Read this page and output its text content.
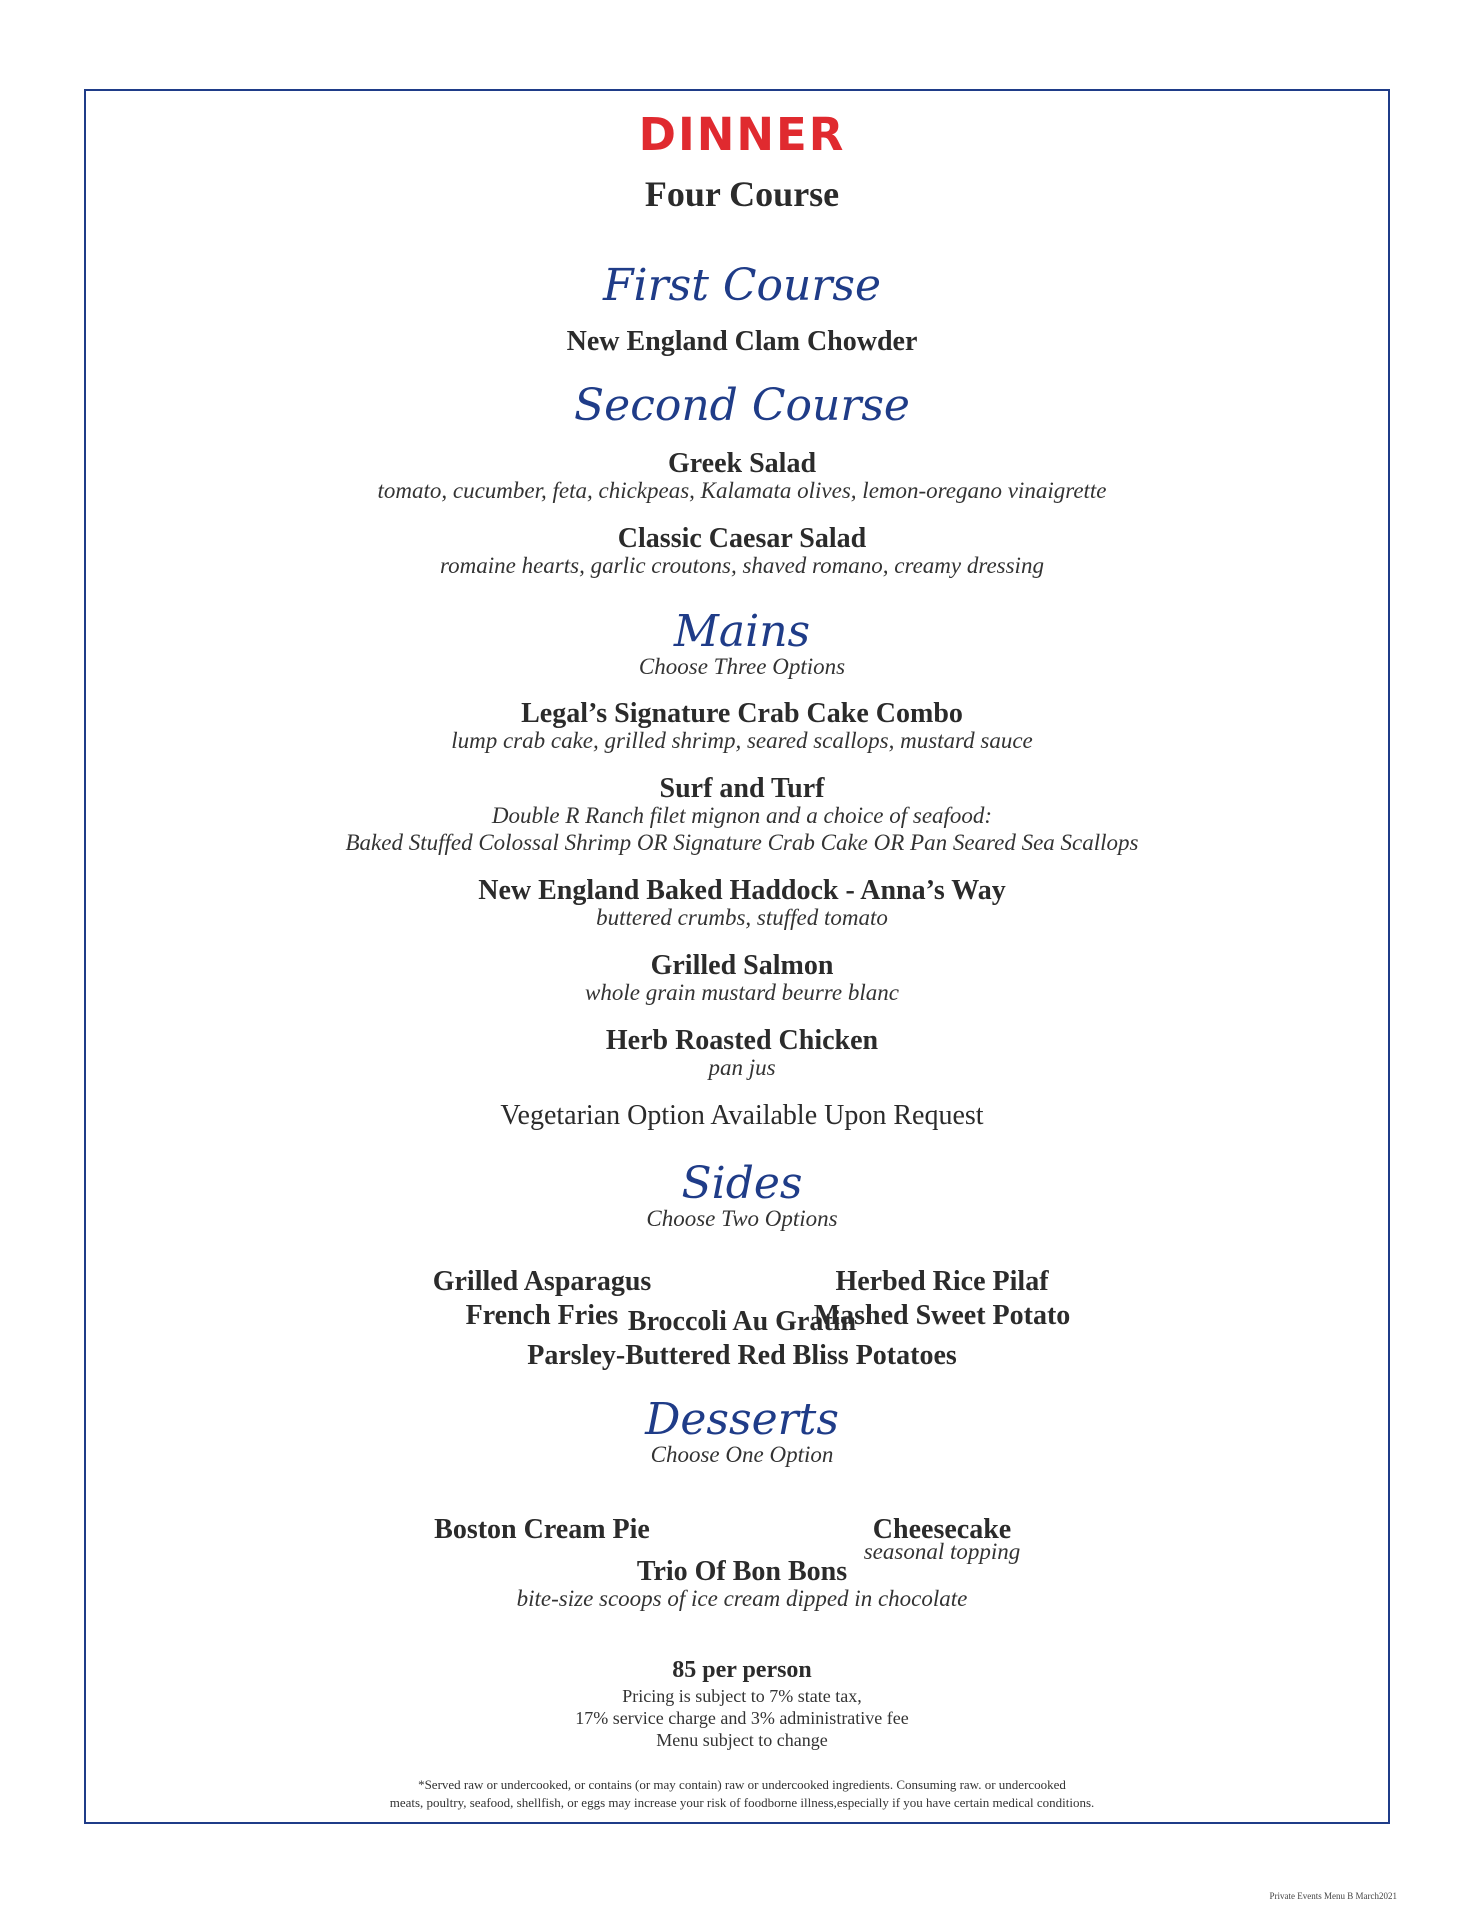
DINNER

Four Course

First Course

New England Clam Chowder

Second Course

Greek Salad

tomato, cucumber, feta, chickpeas, Kalamata olives, lemon-oregano vinaigrette

Classic Caesar Salad

romaine hearts, garlic croutons, shaved romano, creamy dressing

Mains

Choose Three Options

Legal’s Signature Crab Cake Combo

lump crab cake, grilled shrimp, seared scallops, mustard sauce

Surf and Turf

Double R Ranch filet mignon and a choice of seafood:

Baked Stuffed Colossal Shrimp OR Signature Crab Cake OR Pan Seared Sea Scallops

New England Baked Haddock - Anna’s Way

buttered crumbs, stuffed tomato

Grilled Salmon

whole grain mustard beurre blanc

Herb Roasted Chicken

pan jus

Vegetarian Option Available Upon Request

Sides

Choose Two Options

Grilled Asparagus	Herbed Rice Pilaf

French Fries	Mashed Sweet Potato

Broccoli Au Gratin

Parsley-Buttered Red Bliss Potatoes

Desserts

Choose One Option

Boston Cream Pie	Cheesecake

seasonal topping

Trio Of Bon Bons

bite-size scoops of ice cream dipped in chocolate

85 per person

Pricing is subject to 7% state tax,

17% service charge and 3% administrative fee

Menu subject to change

*Served raw or undercooked, or contains (or may contain) raw or undercooked ingredients. Consuming raw. or undercooked

meats, poultry, seafood, shellfish, or eggs may increase your risk of foodborne illness,especially if you have certain medical conditions.

Private Events Menu B March2021
